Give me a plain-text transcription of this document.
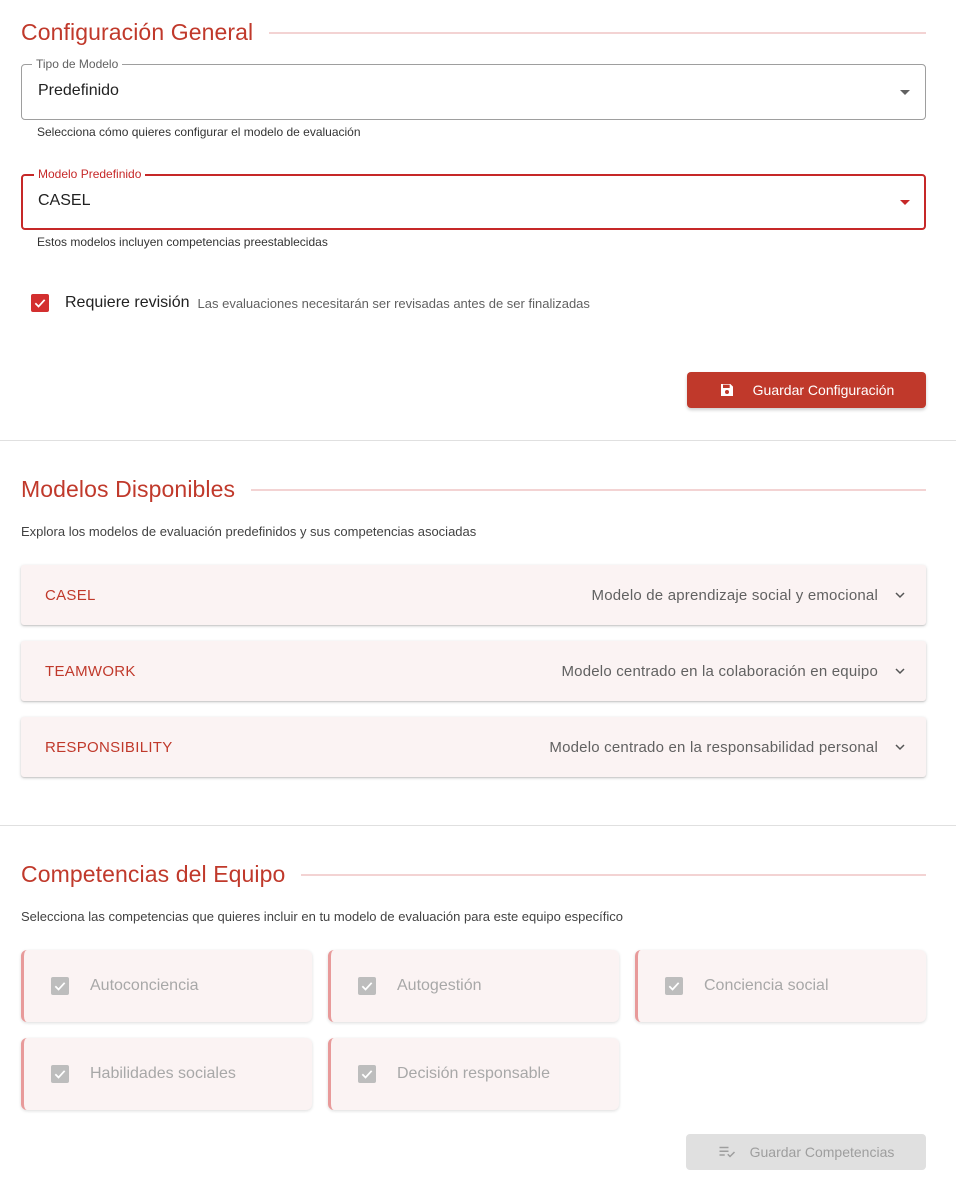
Configuración General
Tipo de Modelo
Predefinido
Selecciona cómo quieres configurar el modelo de evaluación
Modelo Predefinido
CASEL
Estos modelos incluyen competencias preestablecidas
Requiere revisión Las evaluaciones necesitarán ser revisadas antes de ser finalizadas
Guardar Configuración
Modelos Disponibles
Explora los modelos de evaluación predefinidos y sus competencias asociadas
CASEL	Modelo de aprendizaje social y emocional
TEAMWORK	Modelo centrado en la colaboración en equipo
RESPONSIBILITY	Modelo centrado en la responsabilidad personal
Competencias del Equipo
Selecciona las competencias que quieres incluir en tu modelo de evaluación para este equipo específico
Autoconciencia	Autogestión	Conciencia social
Habilidades sociales	Decisión responsable
Guardar Competencias
